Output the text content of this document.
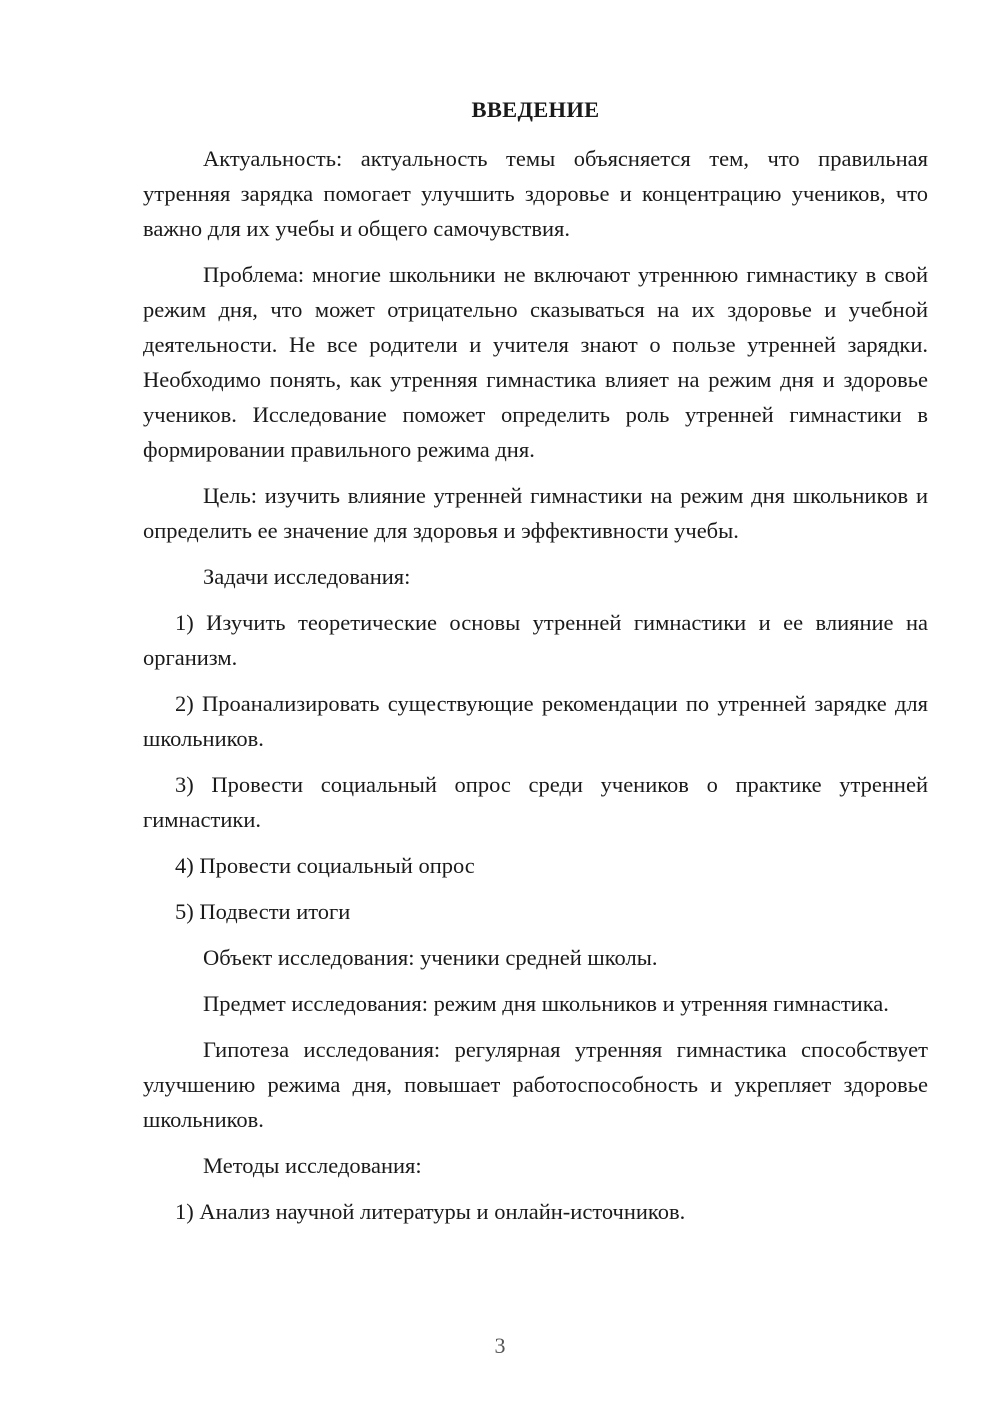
ВВЕДЕНИЕ

Актуальность: актуальность темы объясняется тем, что правильная утренняя зарядка помогает улучшить здоровье и концентрацию учеников, что важно для их учебы и общего самочувствия.

Проблема: многие школьники не включают утреннюю гимнастику в свой режим дня, что может отрицательно сказываться на их здоровье и учебной деятельности. Не все родители и учителя знают о пользе утренней зарядки. Необходимо понять, как утренняя гимнастика влияет на режим дня и здоровье учеников. Исследование поможет определить роль утренней гимнастики в формировании правильного режима дня.

Цель: изучить влияние утренней гимнастики на режим дня школьников и определить ее значение для здоровья и эффективности учебы.

Задачи исследования:

1) Изучить теоретические основы утренней гимнастики и ее влияние на организм.

2) Проанализировать существующие рекомендации по утренней зарядке для школьников.

3) Провести социальный опрос среди учеников о практике утренней гимнастики.

4) Провести социальный опрос

5) Подвести итоги

Объект исследования: ученики средней школы.

Предмет исследования: режим дня школьников и утренняя гимнастика.

Гипотеза исследования: регулярная утренняя гимнастика способствует улучшению режима дня, повышает работоспособность и укрепляет здоровье школьников.

Методы исследования:

1) Анализ научной литературы и онлайн-источников.

3
